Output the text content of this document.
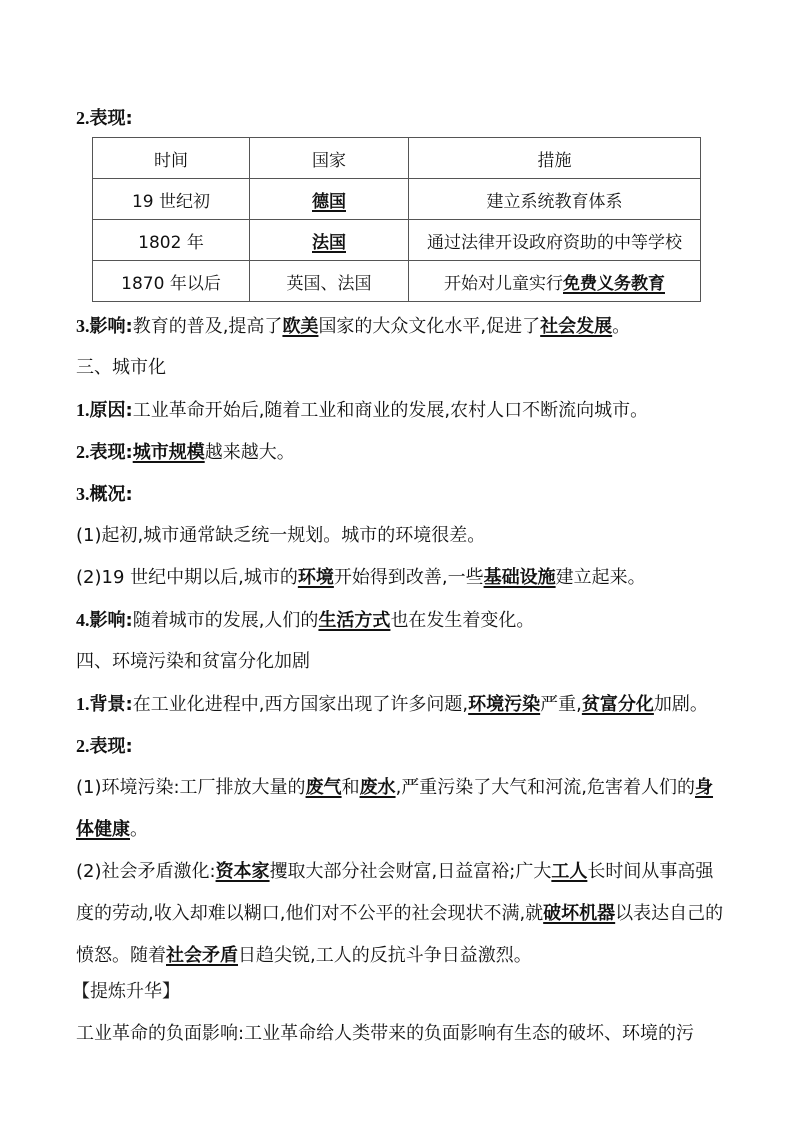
2.表现:
时间	国家	措施
19 世纪初	德国	建立系统教育体系
1802 年	法国	通过法律开设政府资助的中等学校
1870 年以后	英国、法国	开始对儿童实行免费义务教育
3.影响:教育的普及,提高了欧美国家的大众文化水平,促进了社会发展。
三、城市化
1.原因:工业革命开始后,随着工业和商业的发展,农村人口不断流向城市。
2.表现:城市规模越来越大。
3.概况:
(1)起初,城市通常缺乏统一规划。城市的环境很差。
(2)19 世纪中期以后,城市的环境开始得到改善,一些基础设施建立起来。
4.影响:随着城市的发展,人们的生活方式也在发生着变化。
四、环境污染和贫富分化加剧
1.背景:在工业化进程中,西方国家出现了许多问题,环境污染严重,贫富分化加剧。
2.表现:
(1)环境污染:工厂排放大量的废气和废水,严重污染了大气和河流,危害着人们的身体健康。
(2)社会矛盾激化:资本家攫取大部分社会财富,日益富裕;广大工人长时间从事高强度的劳动,收入却难以糊口,他们对不公平的社会现状不满,就破坏机器以表达自己的愤怒。随着社会矛盾日趋尖锐,工人的反抗斗争日益激烈。
【提炼升华】
工业革命的负面影响:工业革命给人类带来的负面影响有生态的破坏、环境的污
